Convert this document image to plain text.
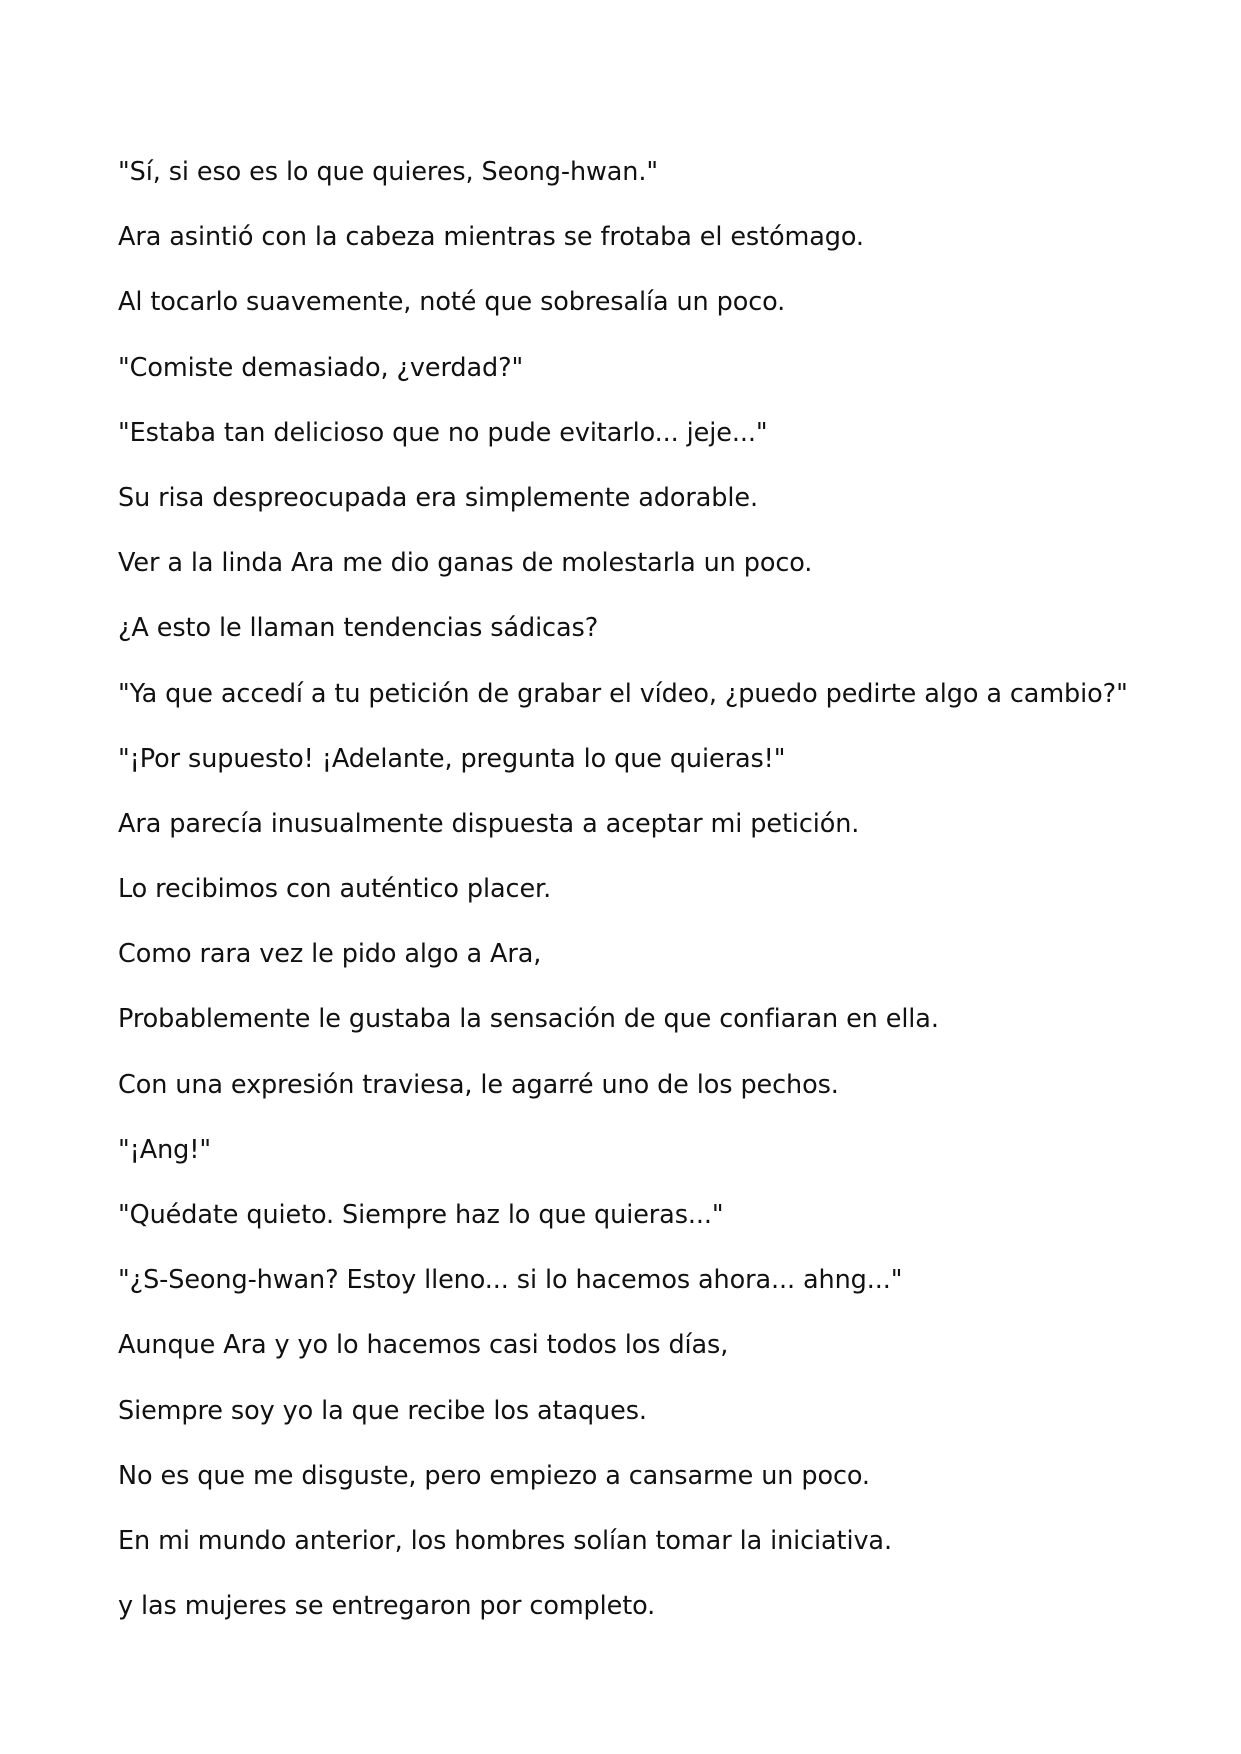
"Sí, si eso es lo que quieres, Seong-hwan."
Ara asintió con la cabeza mientras se frotaba el estómago.
Al tocarlo suavemente, noté que sobresalía un poco.
"Comiste demasiado, ¿verdad?"
"Estaba tan delicioso que no pude evitarlo... jeje..."
Su risa despreocupada era simplemente adorable.
Ver a la linda Ara me dio ganas de molestarla un poco.
¿A esto le llaman tendencias sádicas?
"Ya que accedí a tu petición de grabar el vídeo, ¿puedo pedirte algo a cambio?"
"¡Por supuesto! ¡Adelante, pregunta lo que quieras!"
Ara parecía inusualmente dispuesta a aceptar mi petición.
Lo recibimos con auténtico placer.
Como rara vez le pido algo a Ara,
Probablemente le gustaba la sensación de que confiaran en ella.
Con una expresión traviesa, le agarré uno de los pechos.
"¡Ang!"
"Quédate quieto. Siempre haz lo que quieras..."
"¿S-Seong-hwan? Estoy lleno... si lo hacemos ahora... ahng..."
Aunque Ara y yo lo hacemos casi todos los días,
Siempre soy yo la que recibe los ataques.
No es que me disguste, pero empiezo a cansarme un poco.
En mi mundo anterior, los hombres solían tomar la iniciativa.
y las mujeres se entregaron por completo.
